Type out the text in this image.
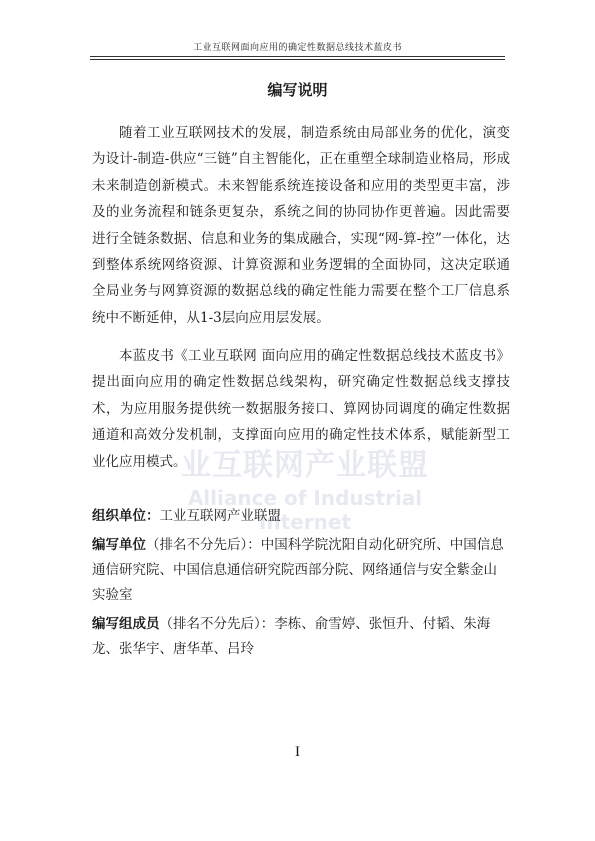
工业互联网面向应用的确定性数据总线技术蓝皮书
编写说明
业互联网产业联盟
Alliance of Industrial Internet

随着工业互联网技术的发展，制造系统由局部业务的优化，演变为设计-制造-供应“三链”自主智能化，正在重塑全球制造业格局，形成未来制造创新模式。未来智能系统连接设备和应用的类型更丰富，涉及的业务流程和链条更复杂，系统之间的协同协作更普遍。因此需要进行全链条数据、信息和业务的集成融合，实现“网-算-控”一体化，达到整体系统网络资源、计算资源和业务逻辑的全面协同，这决定联通全局业务与网算资源的数据总线的确定性能力需要在整个工厂信息系统中不断延伸，从1-3层向应用层发展。

本蓝皮书《工业互联网 面向应用的确定性数据总线技术蓝皮书》提出面向应用的确定性数据总线架构，研究确定性数据总线支撑技术，为应用服务提供统一数据服务接口、算网协同调度的确定性数据通道和高效分发机制，支撑面向应用的确定性技术体系，赋能新型工业化应用模式。

组织单位：工业互联网产业联盟
编写单位（排名不分先后）：中国科学院沈阳自动化研究所、中国信息通信研究院、中国信息通信研究院西部分院、网络通信与安全紫金山实验室
编写组成员（排名不分先后）：李栋、俞雪婷、张恒升、付韬、朱海龙、张华宇、唐华革、吕玲
I
